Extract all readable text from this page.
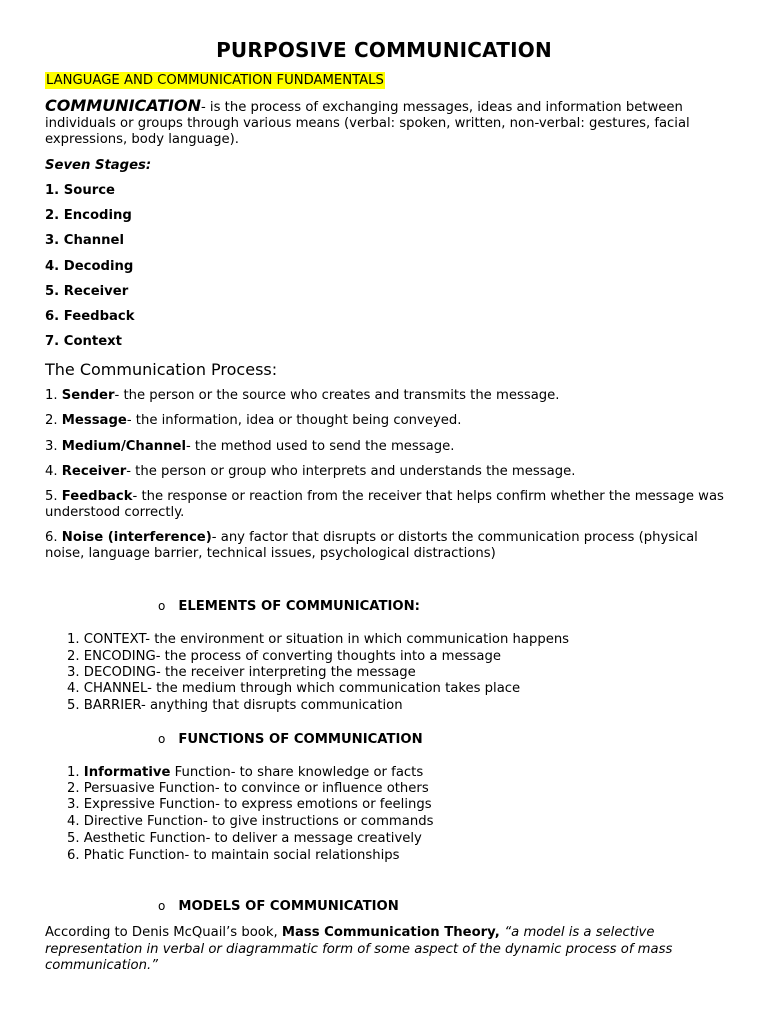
PURPOSIVE COMMUNICATION
LANGUAGE AND COMMUNICATION FUNDAMENTALS
COMMUNICATION- is the process of exchanging messages, ideas and information between individuals or groups through various means (verbal: spoken, written, non-verbal: gestures, facial expressions, body language).
Seven Stages:
1. Source
2. Encoding
3. Channel
4. Decoding
5. Receiver
6. Feedback
7. Context
The Communication Process:
1. Sender- the person or the source who creates and transmits the message.
2. Message- the information, idea or thought being conveyed.
3. Medium/Channel- the method used to send the message.
4. Receiver- the person or group who interprets and understands the message.
5. Feedback- the response or reaction from the receiver that helps confirm whether the message was understood correctly.
6. Noise (interference)- any factor that disrupts or distorts the communication process (physical noise, language barrier, technical issues, psychological distractions)
o ELEMENTS OF COMMUNICATION:
1. CONTEXT- the environment or situation in which communication happens
2. ENCODING- the process of converting thoughts into a message
3. DECODING- the receiver interpreting the message
4. CHANNEL- the medium through which communication takes place
5. BARRIER- anything that disrupts communication
o FUNCTIONS OF COMMUNICATION
1. Informative Function- to share knowledge or facts
2. Persuasive Function- to convince or influence others
3. Expressive Function- to express emotions or feelings
4. Directive Function- to give instructions or commands
5. Aesthetic Function- to deliver a message creatively
6. Phatic Function- to maintain social relationships
o MODELS OF COMMUNICATION
According to Denis McQuail’s book, Mass Communication Theory, “a model is a selective representation in verbal or diagrammatic form of some aspect of the dynamic process of mass communication.”
